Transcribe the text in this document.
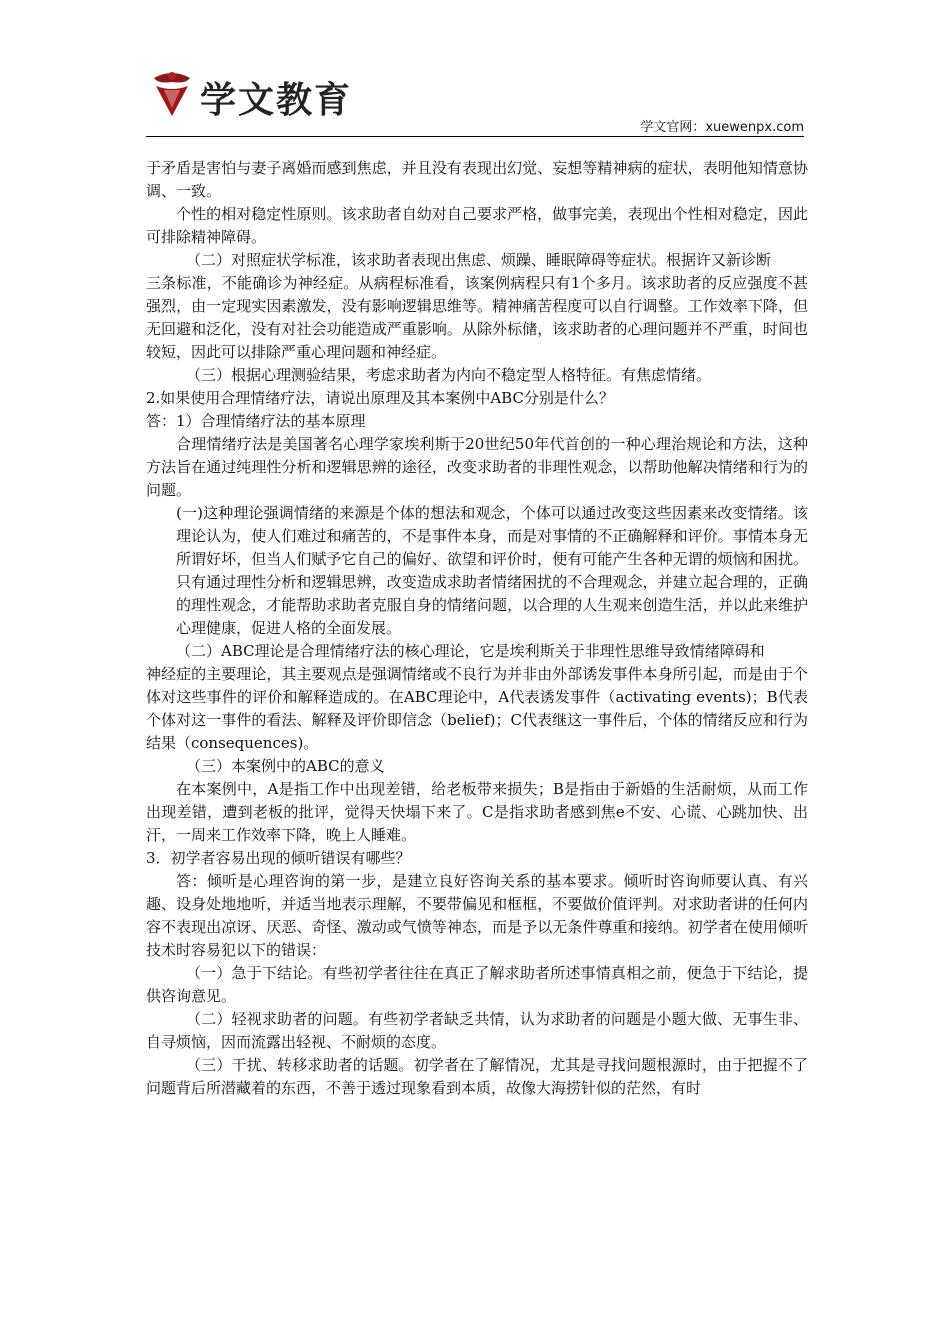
学文教育
学文官网：xuewenpx.com

于矛盾是害怕与妻子离婚而感到焦虑，并且没有表现出幻觉、妄想等精神病的症状，表明他知情意协调、一致。

个性的相对稳定性原则。该求助者自幼对自己要求严格，做事完美，表现出个性相对稳定，因此可排除精神障碍。

（二）对照症状学标准，该求助者表现出焦虑、烦躁、睡眠障碍等症状。根据许又新诊断

三条标准，不能确诊为神经症。从病程标准看，该案例病程只有1个多月。该求助者的反应强度不甚强烈，由一定现实因素激发，没有影响逻辑思维等。精神痛苦程度可以自行调整。工作效率下降，但无回避和泛化，没有对社会功能造成严重影响。从除外标储，该求助者的心理问题并不严重，时间也较短，因此可以排除严重心理问题和神经症。

（三）根据心理测验结果，考虑求助者为内向不稳定型人格特征。有焦虑情绪。

2.如果使用合理情绪疗法，请说出原理及其本案例中ABC分别是什么？

答：1）合理情绪疗法的基本原理

合理情绪疗法是美国著名心理学家埃利斯于20世纪50年代首创的一种心理治规论和方法，这种方法旨在通过纯理性分析和逻辑思辨的途径，改变求助者的非理性观念，以帮助他解决情绪和行为的问题。

(一)这种理论强调情绪的来源是个体的想法和观念，个体可以通过改变这些因素来改变情绪。该理论认为，使人们难过和痛苦的，不是事件本身，而是对事情的不正确解释和评价。事情本身无所谓好坏，但当人们赋予它自己的偏好、欲望和评价时，便有可能产生各种无谓的烦恼和困扰。只有通过理性分析和逻辑思辨，改变造成求助者情绪困扰的不合理观念，并建立起合理的，正确的理性观念，才能帮助求助者克服自身的情绪问题，以合理的人生观来创造生活，并以此来维护心理健康，促进人格的全面发展。

（二）ABC理论是合理情绪疗法的核心理论，它是埃利斯关于非理性思维导致情绪障碍和

神经症的主要理论，其主要观点是强调情绪或不良行为并非由外部诱发事件本身所引起，而是由于个体对这些事件的评价和解释造成的。在ABC理论中，A代表诱发事件（activating events)；B代表个体对这一事件的看法、解释及评价即信念（belief)；C代表继这一事件后，个体的情绪反应和行为结果（consequences)。

（三）本案例中的ABC的意义

在本案例中，A是指工作中出现差错，给老板带来损失；B是指由于新婚的生活耐烦，从而工作出现差错，遭到老板的批评，觉得天快塌下来了。C是指求助者感到焦e不安、心谎、心跳加快、出汗，一周来工作效率下降，晚上人睡难。

3．初学者容易出现的倾听错误有哪些？

答：倾听是心理咨询的第一步，是建立良好咨询关系的基本要求。倾听时咨询师要认真、有兴趣、设身处地地听，并适当地表示理解，不要带偏见和框框，不要做价值评判。对求助者讲的任何内容不表现出凉讶、厌恶、奇怪、激动或气愤等神态，而是予以无条件尊重和接纳。初学者在使用倾听技术时容易犯以下的错误：

（一）急于下结论。有些初学者往往在真正了解求助者所述事情真相之前，便急于下结论，提供咨询意见。

（二）轻视求助者的问题。有些初学者缺乏共情，认为求助者的问题是小题大做、无事生非、自寻烦恼，因而流露出轻视、不耐烦的态度。

（三）干扰、转移求助者的话题。初学者在了解情况，尤其是寻找问题根源时，由于把握不了问题背后所潜藏着的东西，不善于透过现象看到本质，故像大海捞针似的茫然，有时
